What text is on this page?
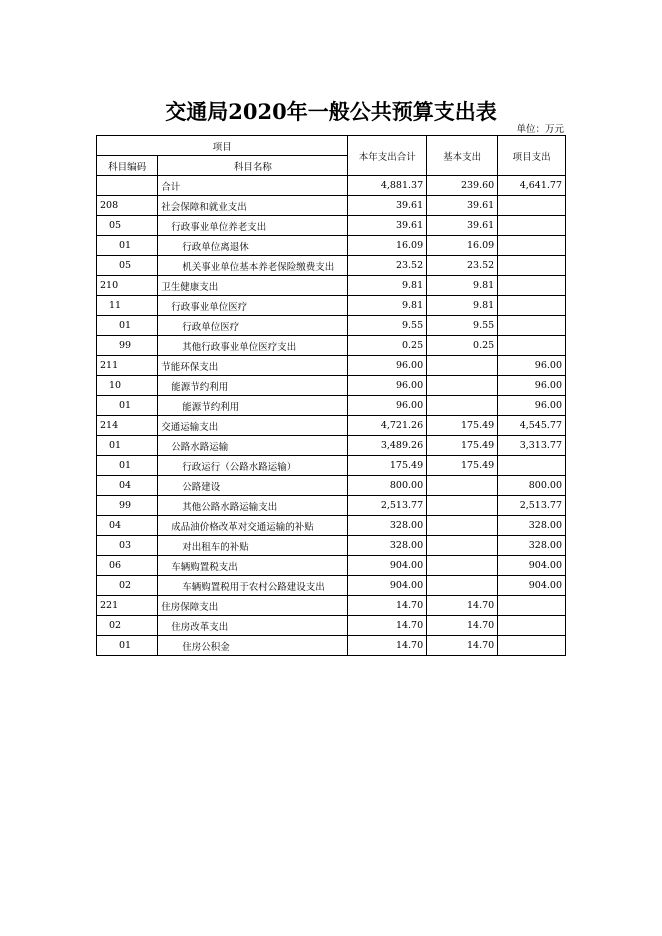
交通局2020年一般公共预算支出表
单位：万元
项目		本年支出合计	基本支出	项目支出
科目编码	科目名称			
	合计	4,881.37	239.60	4,641.77
208	社会保障和就业支出	39.61	39.61	
05	行政事业单位养老支出	39.61	39.61	
01	行政单位离退休	16.09	16.09	
05	机关事业单位基本养老保险缴费支出	23.52	23.52	
210	卫生健康支出	9.81	9.81	
11	行政事业单位医疗	9.81	9.81	
01	行政单位医疗	9.55	9.55	
99	其他行政事业单位医疗支出	0.25	0.25	
211	节能环保支出	96.00		96.00
10	能源节约利用	96.00		96.00
01	能源节约利用	96.00		96.00
214	交通运输支出	4,721.26	175.49	4,545.77
01	公路水路运输	3,489.26	175.49	3,313.77
01	行政运行（公路水路运输）	175.49	175.49	
04	公路建设	800.00		800.00
99	其他公路水路运输支出	2,513.77		2,513.77
04	成品油价格改革对交通运输的补贴	328.00		328.00
03	对出租车的补贴	328.00		328.00
06	车辆购置税支出	904.00		904.00
02	车辆购置税用于农村公路建设支出	904.00		904.00
221	住房保障支出	14.70	14.70	
02	住房改革支出	14.70	14.70	
01	住房公积金	14.70	14.70	
